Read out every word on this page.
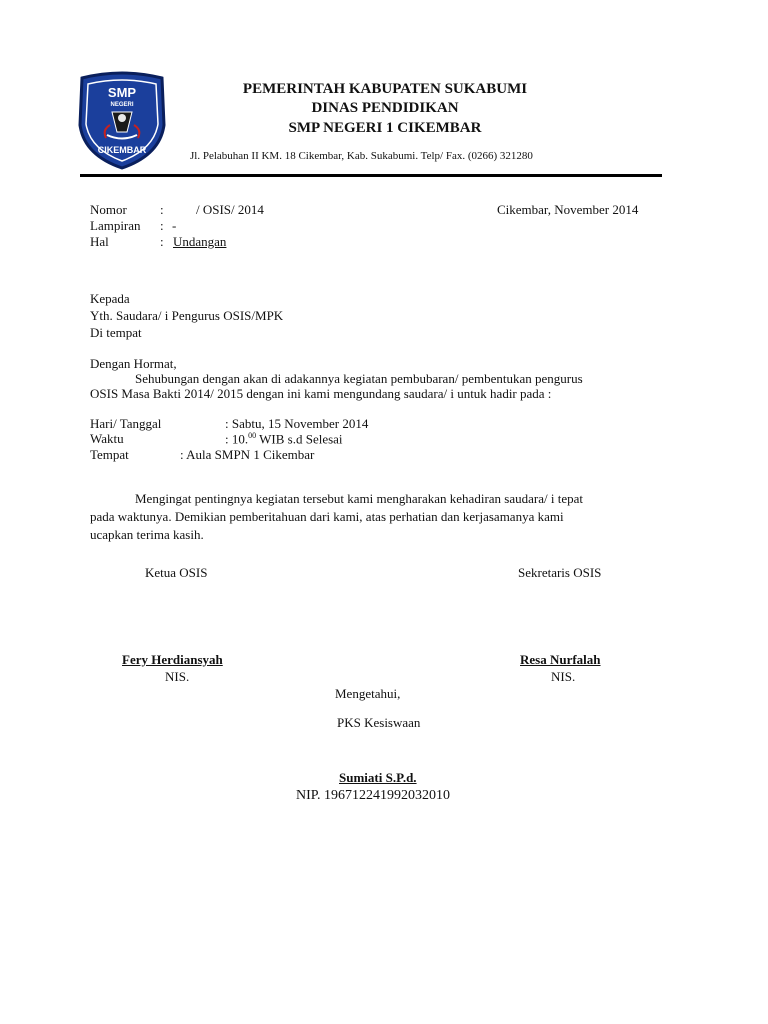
SMP
NEGERI
CIKEMBAR
PEMERINTAH KABUPATEN SUKABUMI
DINAS PENDIDIKAN
SMP NEGERI 1 CIKEMBAR
Jl. Pelabuhan II KM. 18 Cikembar, Kab. Sukabumi. Telp/ Fax. (0266) 321280
Nomor	: / OSIS/ 2014	Cikembar, November 2014
Lampiran : -
Hal	: Undangan
Kepada
Yth. Saudara/ i Pengurus OSIS/MPK
Di tempat
Dengan Hormat,
Sehubungan dengan akan di adakannya kegiatan pembubaran/ pembentukan pengurus
OSIS Masa Bakti 2014/ 2015 dengan ini kami mengundang saudara/ i untuk hadir pada :
Hari/ Tanggal	: Sabtu, 15 November 2014
Waktu	: 10.00 WIB s.d Selesai
Tempat	: Aula SMPN 1 Cikembar
Mengingat pentingnya kegiatan tersebut kami mengharakan kehadiran saudara/ i tepat
pada waktunya. Demikian pemberitahuan dari kami, atas perhatian dan kerjasamanya kami
ucapkan terima kasih.
Ketua OSIS	Sekretaris OSIS
Fery Herdiansyah	Resa Nurfalah
NIS.	NIS.
Mengetahui,
PKS Kesiswaan
Sumiati S.P.d.
NIP. 196712241992032010
